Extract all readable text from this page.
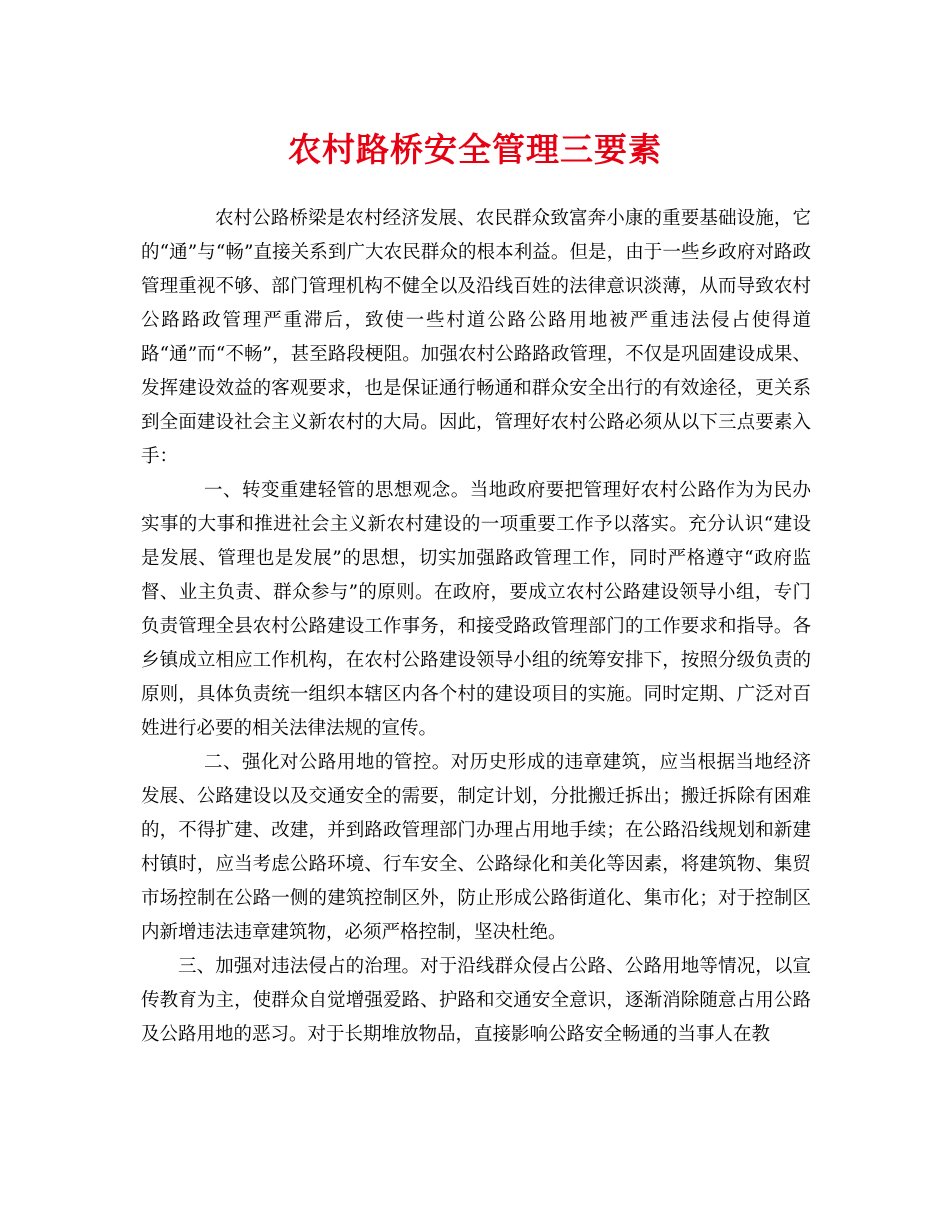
农村路桥安全管理三要素

农村公路桥梁是农村经济发展、农民群众致富奔小康的重要基础设施，它的“通”与“畅”直接关系到广大农民群众的根本利益。但是，由于一些乡政府对路政管理重视不够、部门管理机构不健全以及沿线百姓的法律意识淡薄，从而导致农村公路路政管理严重滞后，致使一些村道公路公路用地被严重违法侵占使得道路“通”而“不畅”，甚至路段梗阻。加强农村公路路政管理，不仅是巩固建设成果、发挥建设效益的客观要求，也是保证通行畅通和群众安全出行的有效途径，更关系到全面建设社会主义新农村的大局。因此，管理好农村公路必须从以下三点要素入手：

一、转变重建轻管的思想观念。当地政府要把管理好农村公路作为为民办实事的大事和推进社会主义新农村建设的一项重要工作予以落实。充分认识“建设是发展、管理也是发展”的思想，切实加强路政管理工作，同时严格遵守“政府监督、业主负责、群众参与”的原则。在政府，要成立农村公路建设领导小组，专门负责管理全县农村公路建设工作事务，和接受路政管理部门的工作要求和指导。各乡镇成立相应工作机构，在农村公路建设领导小组的统筹安排下，按照分级负责的原则，具体负责统一组织本辖区内各个村的建设项目的实施。同时定期、广泛对百姓进行必要的相关法律法规的宣传。

二、强化对公路用地的管控。对历史形成的违章建筑，应当根据当地经济发展、公路建设以及交通安全的需要，制定计划，分批搬迁拆出；搬迁拆除有困难的，不得扩建、改建，并到路政管理部门办理占用地手续；在公路沿线规划和新建村镇时，应当考虑公路环境、行车安全、公路绿化和美化等因素，将建筑物、集贸市场控制在公路一侧的建筑控制区外，防止形成公路街道化、集市化；对于控制区内新增违法违章建筑物，必须严格控制，坚决杜绝。

三、加强对违法侵占的治理。对于沿线群众侵占公路、公路用地等情况，以宣传教育为主，使群众自觉增强爱路、护路和交通安全意识，逐渐消除随意占用公路及公路用地的恶习。对于长期堆放物品，直接影响公路安全畅通的当事人在教
